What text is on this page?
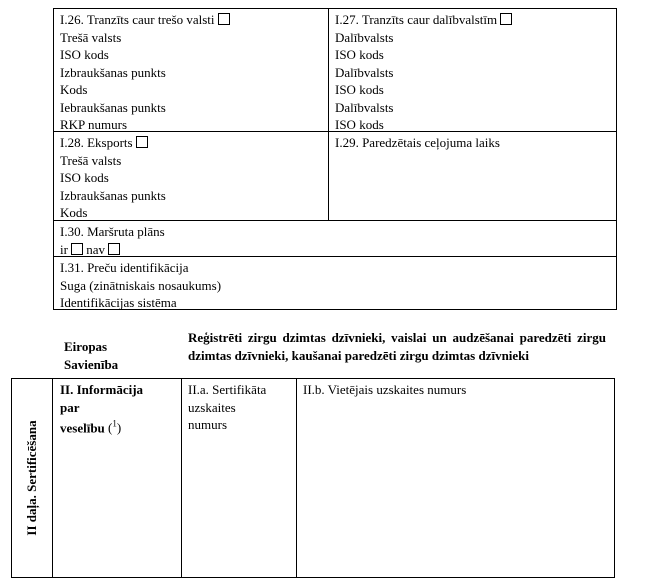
I.26. Tranzīts caur trešo valsti
Trešā valsts
ISO kods
Izbraukšanas punkts
Kods
Iebraukšanas punkts
RKP numurs
I.27. Tranzīts caur dalībvalstīm
Dalībvalsts
ISO kods
Dalībvalsts
ISO kods
Dalībvalsts
ISO kods
I.28. Eksports
Trešā valsts
ISO kods
Izbraukšanas punkts
Kods
I.29. Paredzētais ceļojuma laiks
I.30. Maršruta plāns
ir nav
I.31. Preču identifikācija
Suga (zinātniskais nosaukums)
Identifikācijas sistēma
Eiropas
Savienība
Reģistrēti zirgu dzimtas dzīvnieki, vaislai un audzēšanai paredzēti zirgu dzimtas dzīvnieki, kaušanai paredzēti zirgu dzimtas dzīvnieki
II daļa. Sertificēšana
II. Informācija
par
veselību ($^1$)
II.a. Sertifikāta
uzskaites
numurs
II.b. Vietējais uzskaites numurs
